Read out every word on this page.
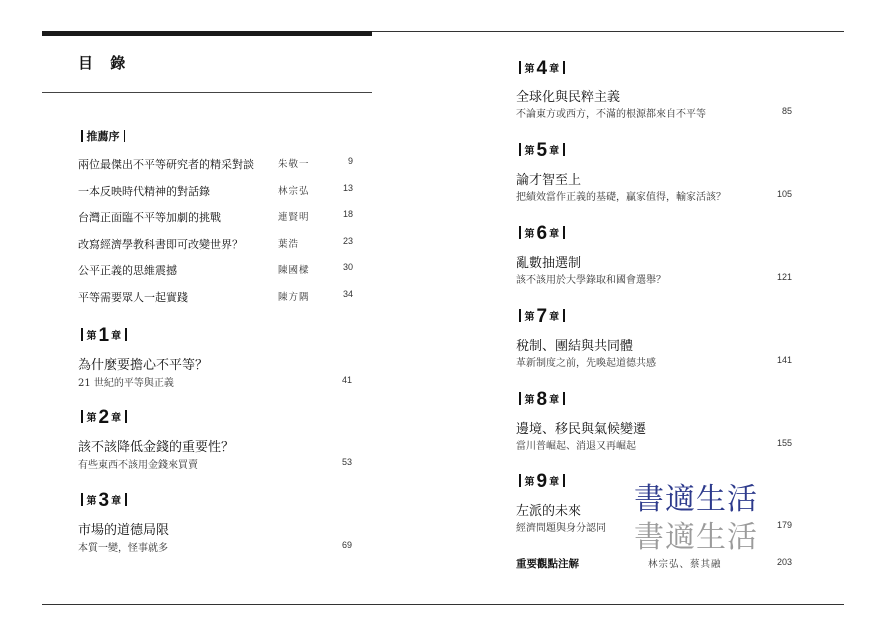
目 錄
推薦序
兩位最傑出不平等研究者的精采對談	朱敬一	9
一本反映時代精神的對話錄	林宗弘	13
台灣正面臨不平等加劇的挑戰	連賢明	18
改寫經濟學教科書即可改變世界？	葉浩	23
公平正義的思維震撼	陳國樑	30
平等需要眾人一起實踐	陳方隅	34
第 1 章
為什麼要擔心不平等？
21 世紀的平等與正義	41
第 2 章
該不該降低金錢的重要性？
有些東西不該用金錢來買賣	53
第 3 章
市場的道德局限
本質一變，怪事就多	69
第 4 章
全球化與民粹主義
不論東方或西方，不滿的根源都來自不平等	85
第 5 章
論才智至上
把績效當作正義的基礎，贏家值得，輸家活該？	105
第 6 章
亂數抽選制
該不該用於大學錄取和國會選舉？	121
第 7 章
稅制、團結與共同體
革新制度之前，先喚起道德共感	141
第 8 章
邊境、移民與氣候變遷
當川普崛起、消退又再崛起	155
第 9 章
左派的未來
經濟問題與身分認同	179
重要觀點注解	林宗弘、蔡其融	203
書適生活
書適生活
